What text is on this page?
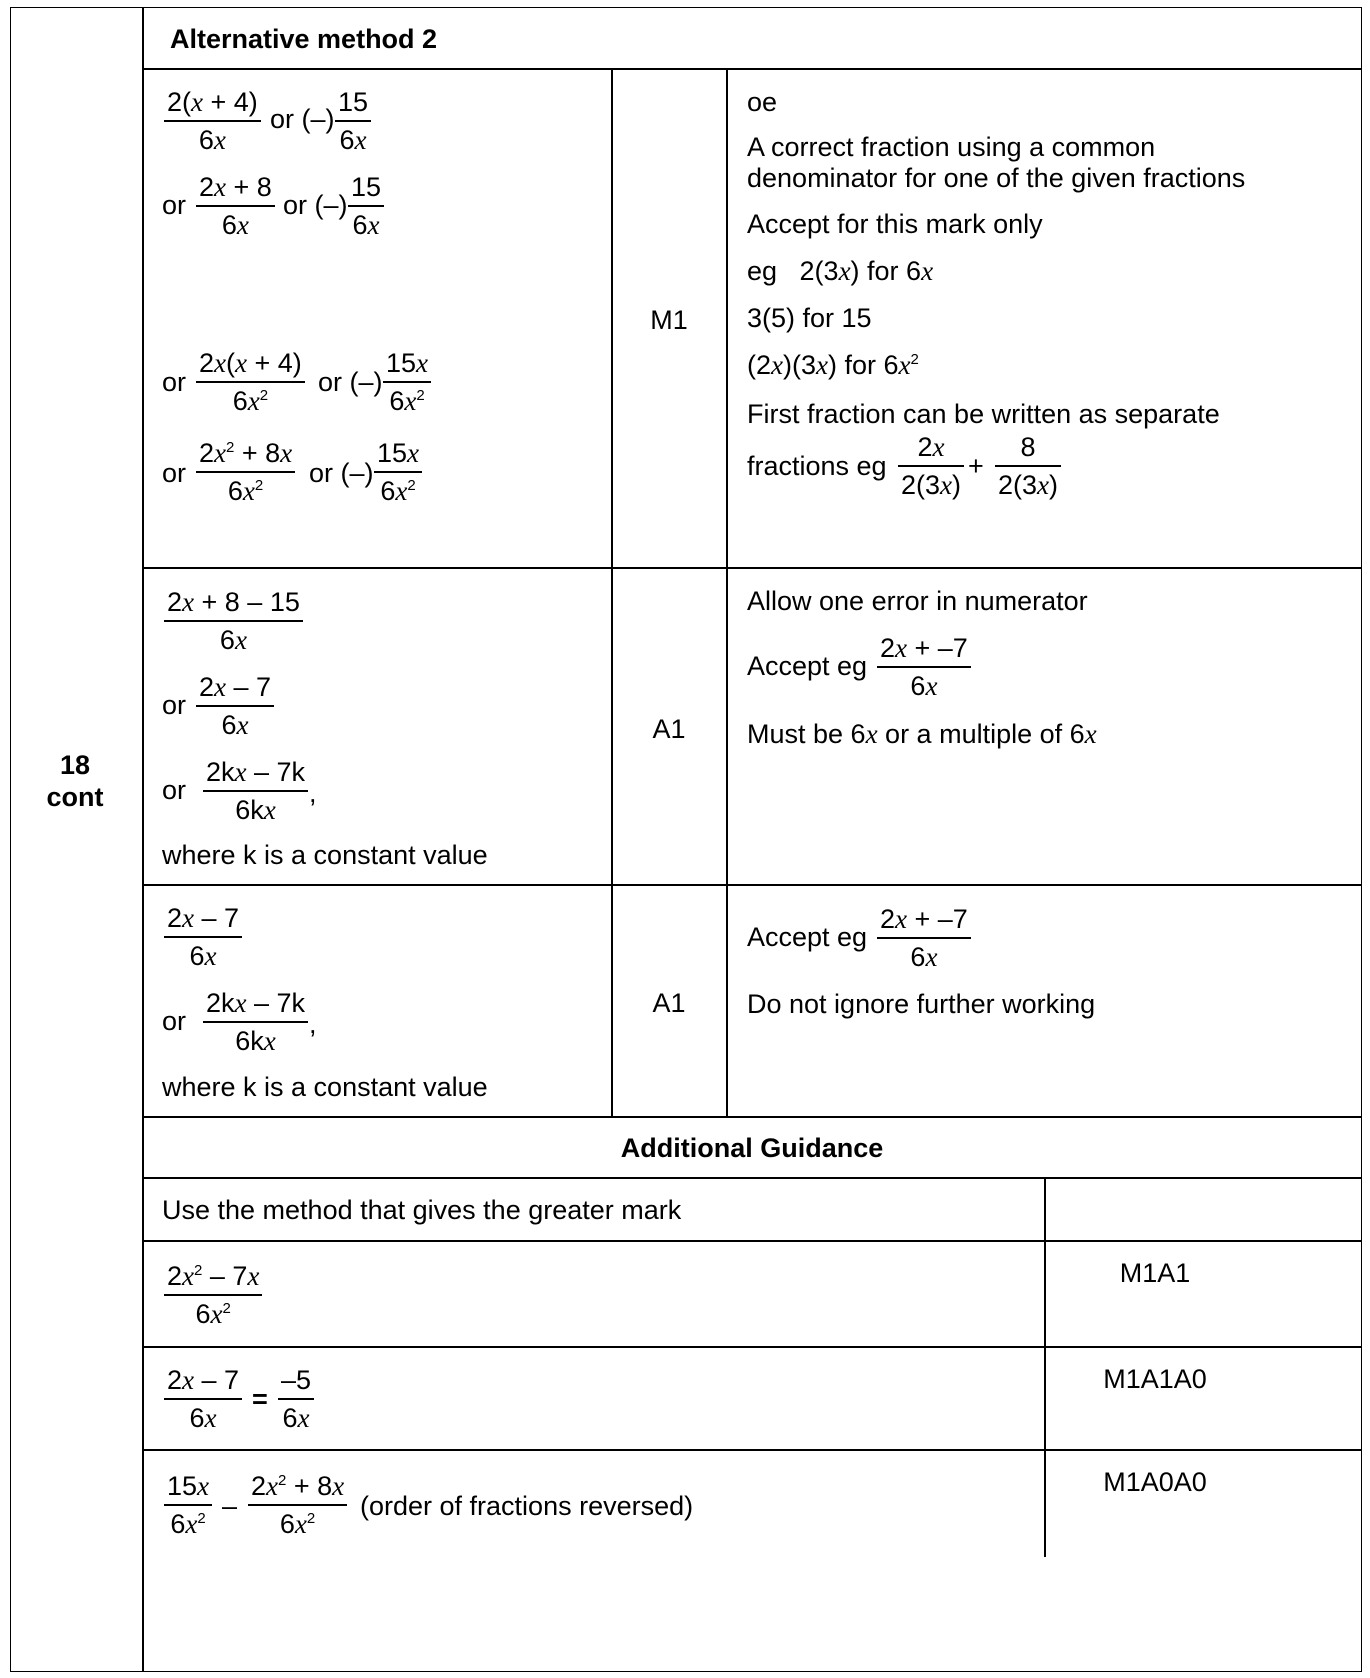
18
cont
Alternative method 2
2(x + 4)
6x
or (–)
15
6x
or
2x + 8
6x
or (–)
15
6x
or
2x(x + 4)
$6x^2$ or (–)
15x
$6x^2$
or
$2x^2 + 8x$
$6x^2$ or (–)
15x
$6x^2$
M1
oe
A correct fraction using a common
denominator for one of the given fractions
Accept for this mark only
eg   2(3x) for 6x
3(5) for 15
(2x)(3x) for $6x^2$
First fraction can be written as separate
fractions eg
2x
2(3x)
+
8
2(3x)
2x + 8 – 15
6x
or
2x – 7
6x
or
2kx – 7k
6kx
,
where k is a constant value
A1
Allow one error in numerator
Accept eg
2x + –7
6x
Must be 6x or a multiple of 6x
2x – 7
6x
or
2kx – 7k
6kx
,
where k is a constant value
A1
Accept eg
2x + –7
6x
Do not ignore further working
Additional Guidance
Use the method that gives the greater mark
$2x^2 - 7x$
$6x^2$
M1A1
2x – 7
6x
=
–5
6x
M1A1A0
15x
$6x^2$ –
$2x^2 + 8x$
$6x^2$ (order of fractions reversed)
M1A0A0
